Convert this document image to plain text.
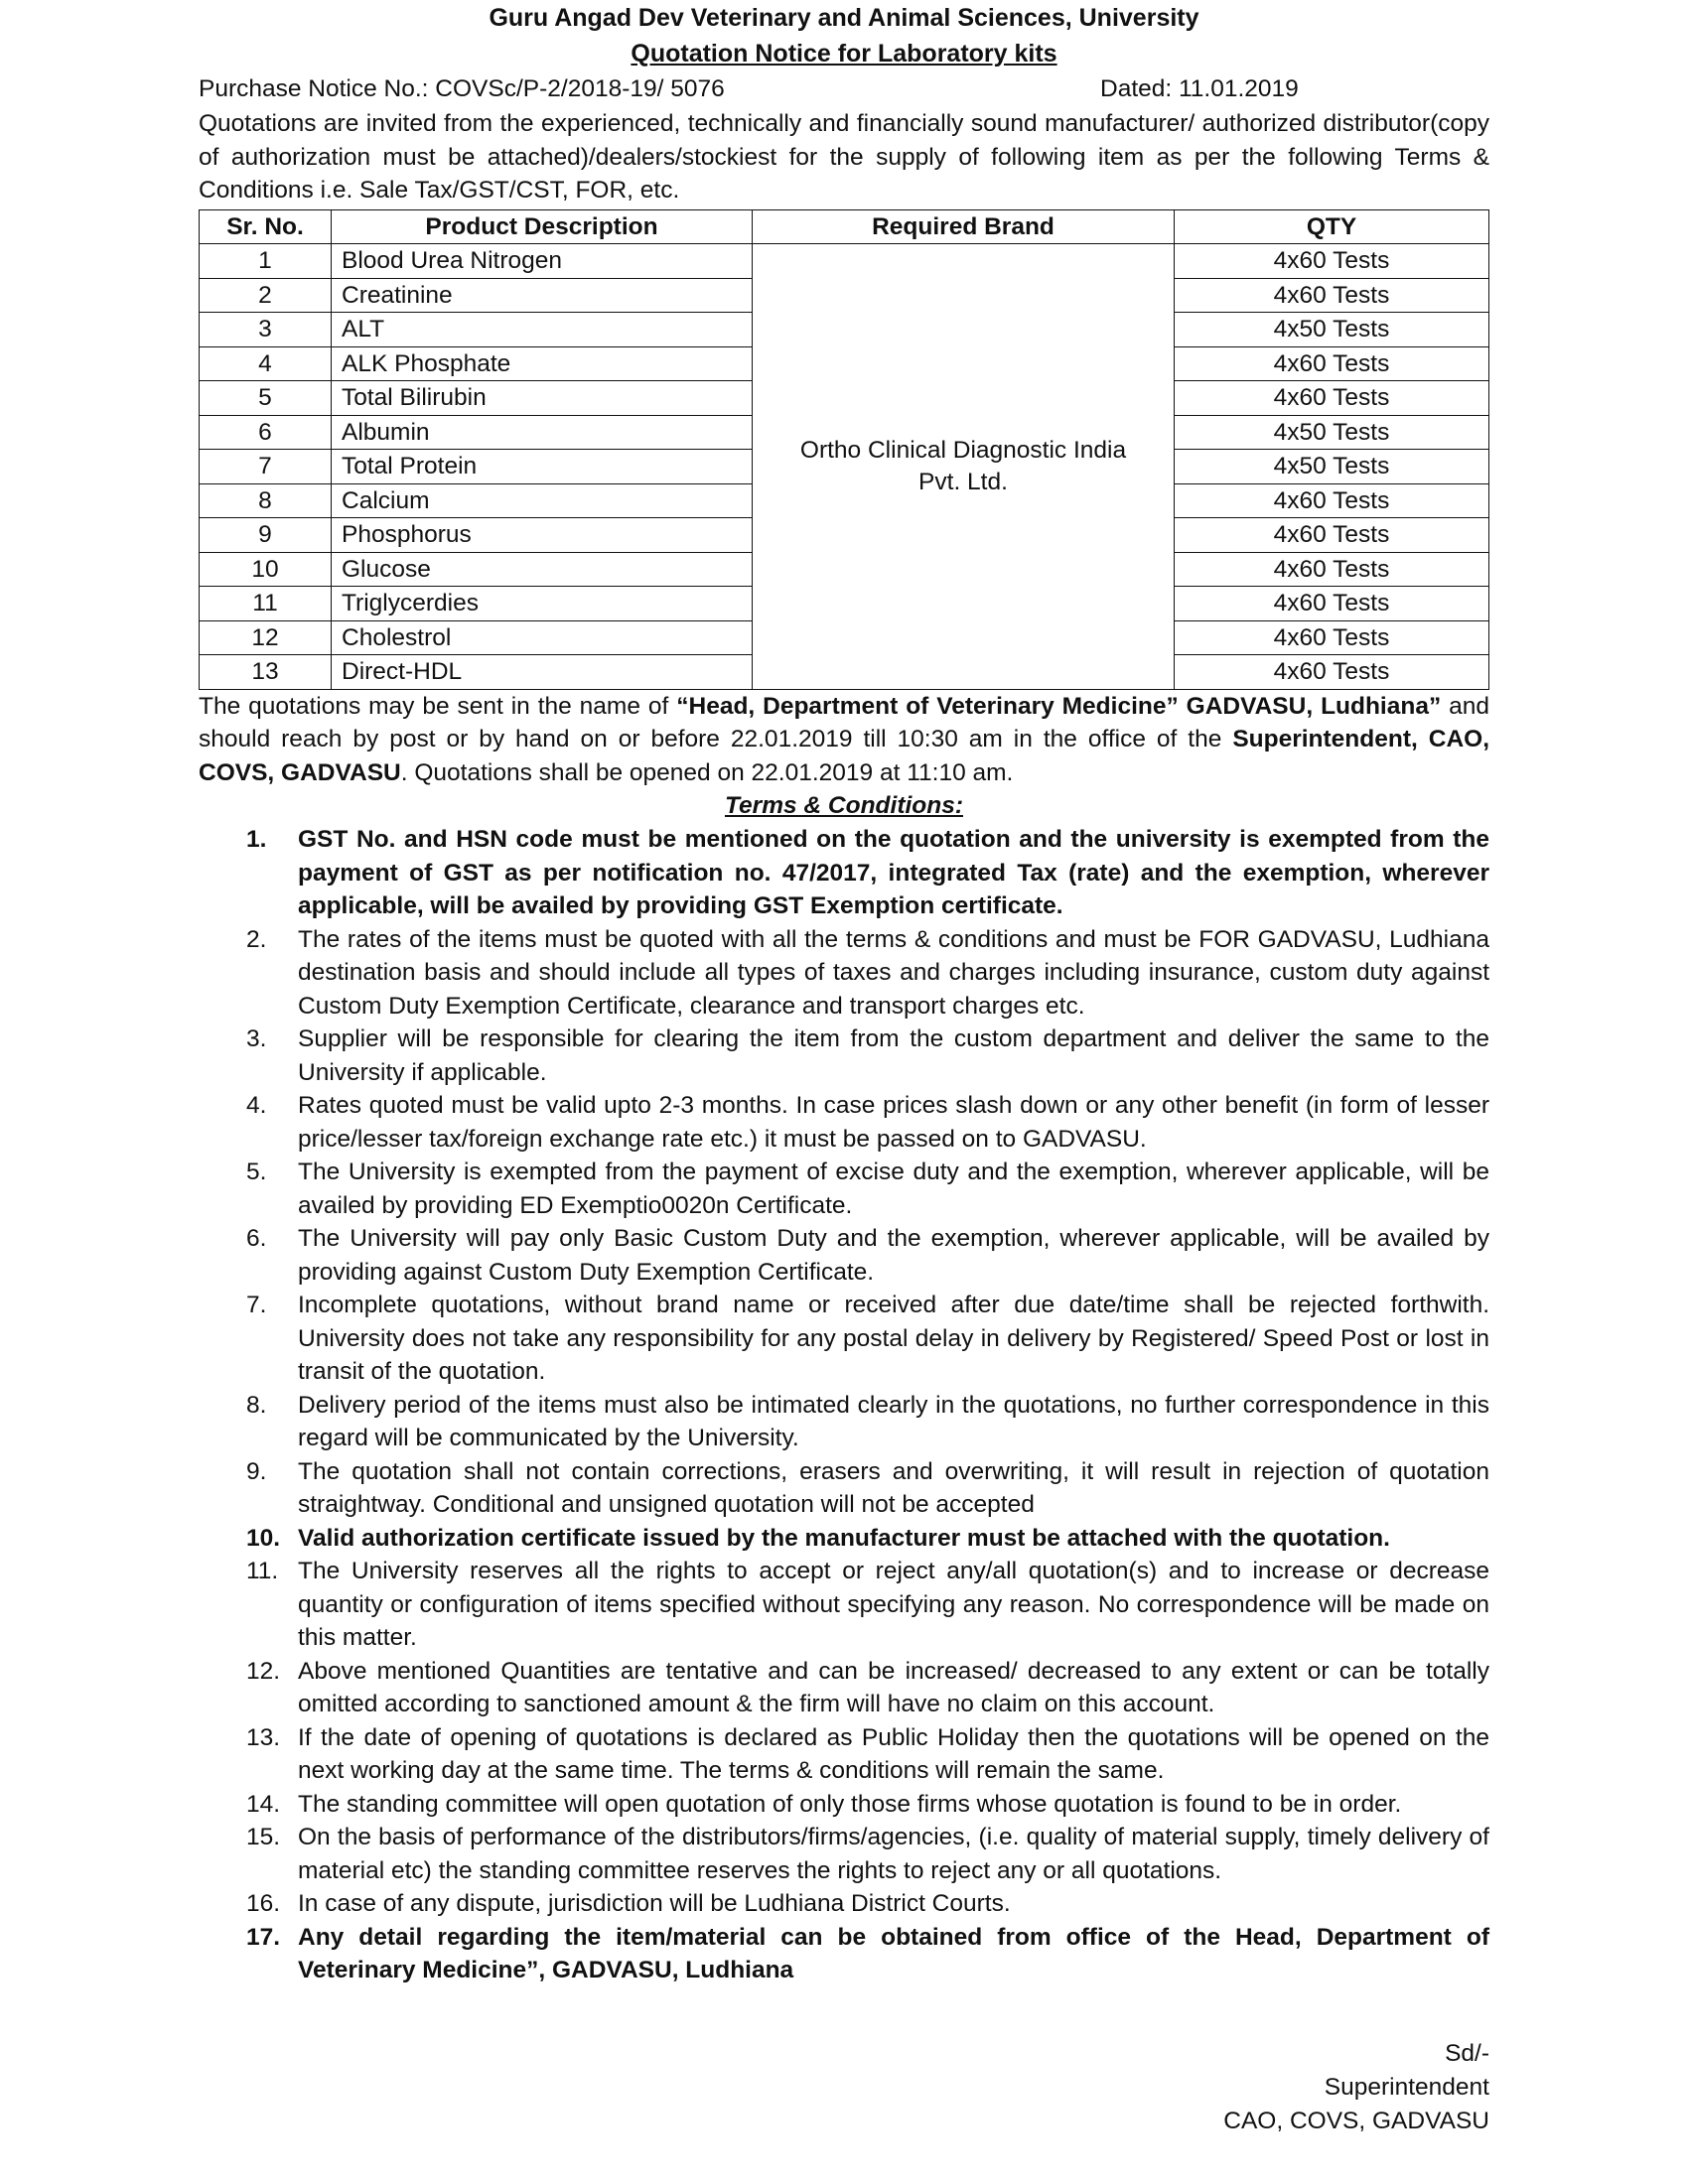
Guru Angad Dev Veterinary and Animal Sciences, University
Quotation Notice for Laboratory kits
Purchase Notice No.: COVSc/P-2/2018-19/ 5076	Dated: 11.01.2019
Quotations are invited from the experienced, technically and financially sound manufacturer/ authorized distributor(copy of authorization must be attached)/dealers/stockiest for the supply of following item as per the following Terms & Conditions i.e. Sale Tax/GST/CST, FOR, etc.
Sr. No.	Product Description	Required Brand	QTY
1	Blood Urea Nitrogen	Ortho Clinical Diagnostic India Pvt. Ltd.	4x60 Tests
2	Creatinine		4x60 Tests
3	ALT		4x50 Tests
4	ALK Phosphate		4x60 Tests
5	Total Bilirubin		4x60 Tests
6	Albumin		4x50 Tests
7	Total Protein		4x50 Tests
8	Calcium		4x60 Tests
9	Phosphorus		4x60 Tests
10	Glucose		4x60 Tests
11	Triglycerdies		4x60 Tests
12	Cholestrol		4x60 Tests
13	Direct-HDL		4x60 Tests
The quotations may be sent in the name of “Head, Department of Veterinary Medicine” GADVASU, Ludhiana” and should reach by post or by hand on or before 22.01.2019 till 10:30 am in the office of the Superintendent, CAO, COVS, GADVASU. Quotations shall be opened on 22.01.2019 at 11:10 am.
Terms & Conditions:
1.	GST No. and HSN code must be mentioned on the quotation and the university is exempted from the payment of GST as per notification no. 47/2017, integrated Tax (rate) and the exemption, wherever applicable, will be availed by providing GST Exemption certificate.
2.	The rates of the items must be quoted with all the terms & conditions and must be FOR GADVASU, Ludhiana destination basis and should include all types of taxes and charges including insurance, custom duty against Custom Duty Exemption Certificate, clearance and transport charges etc.
3.	Supplier will be responsible for clearing the item from the custom department and deliver the same to the University if applicable.
4.	Rates quoted must be valid upto 2-3 months. In case prices slash down or any other benefit (in form of lesser price/lesser tax/foreign exchange rate etc.) it must be passed on to GADVASU.
5.	The University is exempted from the payment of excise duty and the exemption, wherever applicable, will be availed by providing ED Exemptio0020n Certificate.
6.	The University will pay only Basic Custom Duty and the exemption, wherever applicable, will be availed by providing against Custom Duty Exemption Certificate.
7.	Incomplete quotations, without brand name or received after due date/time shall be rejected forthwith. University does not take any responsibility for any postal delay in delivery by Registered/ Speed Post or lost in transit of the quotation.
8.	Delivery period of the items must also be intimated clearly in the quotations, no further correspondence in this regard will be communicated by the University.
9.	The quotation shall not contain corrections, erasers and overwriting, it will result in rejection of quotation straightway. Conditional and unsigned quotation will not be accepted
10. Valid authorization certificate issued by the manufacturer must be attached with the quotation.
11. The University reserves all the rights to accept or reject any/all quotation(s) and to increase or decrease quantity or configuration of items specified without specifying any reason. No correspondence will be made on this matter.
12. Above mentioned Quantities are tentative and can be increased/ decreased to any extent or can be totally omitted according to sanctioned amount & the firm will have no claim on this account.
13. If the date of opening of quotations is declared as Public Holiday then the quotations will be opened on the next working day at the same time. The terms & conditions will remain the same.
14. The standing committee will open quotation of only those firms whose quotation is found to be in order.
15. On the basis of performance of the distributors/firms/agencies, (i.e. quality of material supply, timely delivery of material etc) the standing committee reserves the rights to reject any or all quotations.
16. In case of any dispute, jurisdiction will be Ludhiana District Courts.
17. Any detail regarding the item/material can be obtained from office of the Head, Department of Veterinary Medicine”, GADVASU, Ludhiana
Sd/-
Superintendent
CAO, COVS, GADVASU
